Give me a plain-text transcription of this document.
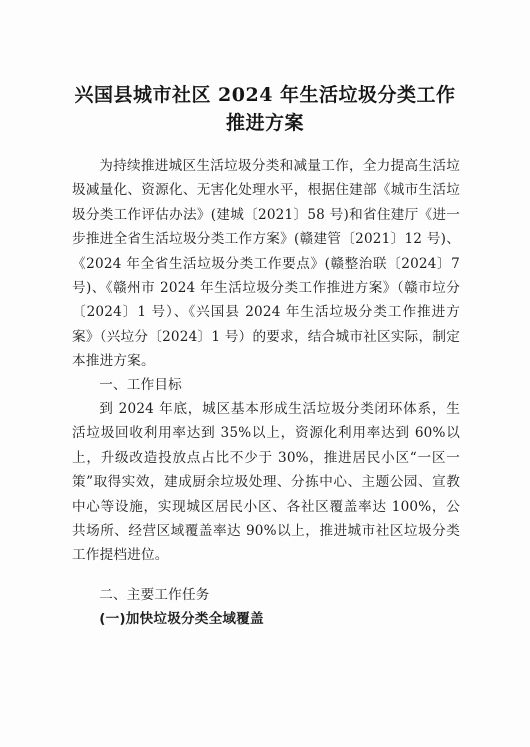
兴国县城市社区 2024 年生活垃圾分类工作
推进方案
为持续推进城区生活垃圾分类和减量工作，全力提高生活垃圾减量化、资源化、无害化处理水平，根据住建部《城市生活垃圾分类工作评估办法》(建城〔2021〕58 号)和省住建厅《进一步推进全省生活垃圾分类工作方案》(赣建管〔2021〕12 号)、《2024 年全省生活垃圾分类工作要点》(赣整治联〔2024〕7 号)、《赣州市 2024 年生活垃圾分类工作推进方案》（赣市垃分〔2024〕1 号）、《兴国县 2024 年生活垃圾分类工作推进方案》（兴垃分〔2024〕1 号）的要求，结合城市社区实际，制定本推进方案。
一、工作目标
到 2024 年底，城区基本形成生活垃圾分类闭环体系，生活垃圾回收利用率达到 35%以上，资源化利用率达到 60%以上，升级改造投放点占比不少于 30%，推进居民小区“一区一策”取得实效，建成厨余垃圾处理、分拣中心、主题公园、宣教中心等设施，实现城区居民小区、各社区覆盖率达 100%，公共场所、经营区域覆盖率达 90%以上，推进城市社区垃圾分类工作提档进位。
二、主要工作任务
(一)加快垃圾分类全域覆盖
